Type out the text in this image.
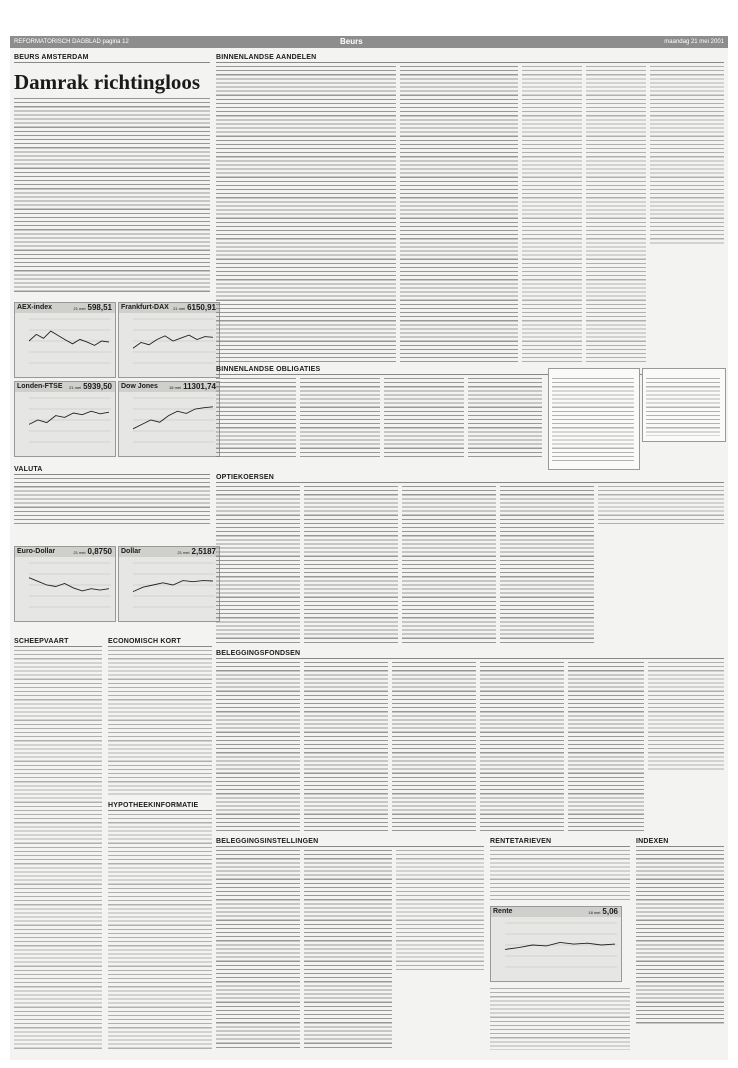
REFORMATORISCH DAGBLAD pagina 12	Beurs	maandag 21 mei 2001
BEURS AMSTERDAM
Damrak richtingloos
AEX-index	21 mei 598,51 Frankfurt-DAX 21 mei 6150,91
Londen-FTSE 21 mei 5939,50 Dow Jones	18 mei 11301,74
VALUTA
Euro-Dollar	21 mei 0,8750 Dollar	21 mei 2,5187
SCHEEPVAART	ECONOMISCH KORT
HYPOTHEEKINFORMATIE
BINNENLANDSE AANDELEN
BINNENLANDSE OBLIGATIES
OPTIEKOERSEN
BELEGGINGSFONDSEN
BELEGGINGSINSTELLINGEN	RENTETARIEVEN
Rente	18 mei 5,06
INDEXEN
